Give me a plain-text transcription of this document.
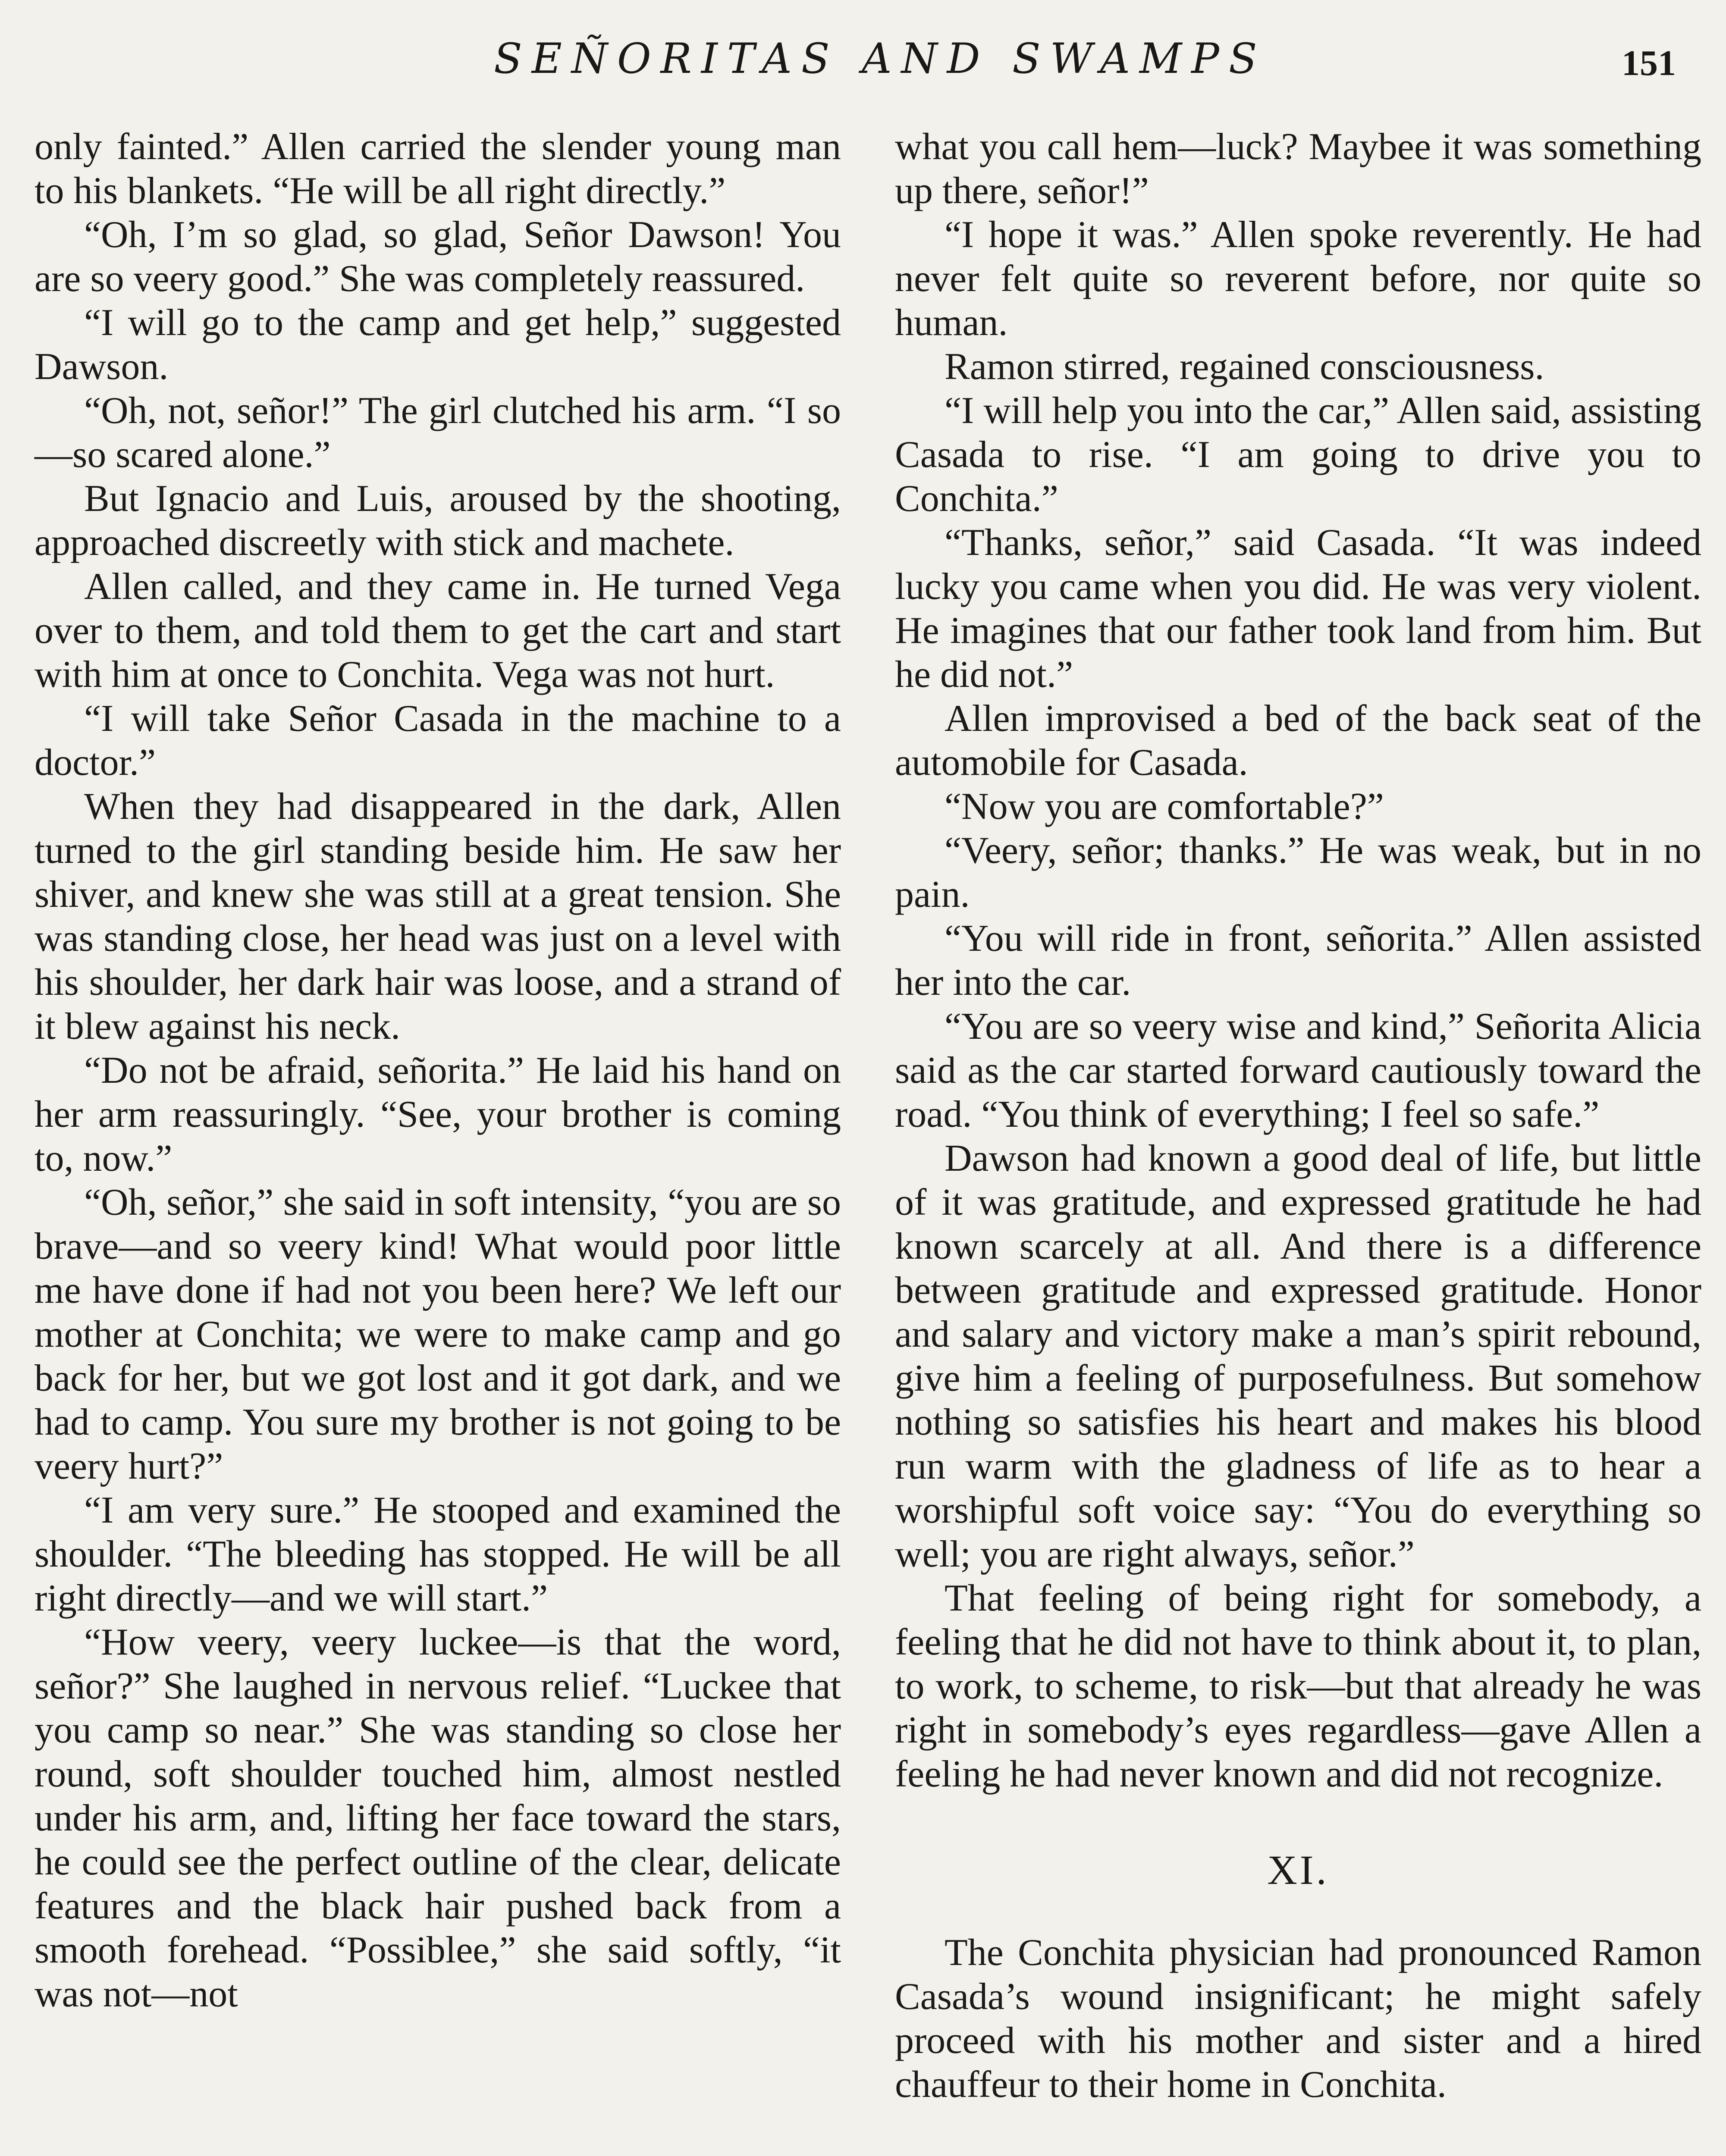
SEÑORITAS AND SWAMPS	151

only fainted.” Allen carried the slender young man to his blankets. “He will be all right directly.”

“Oh, I’m so glad, so glad, Señor Dawson! You are so veery good.” She was completely reassured.

“I will go to the camp and get help,” suggested Dawson.

“Oh, not, señor!” The girl clutched his arm. “I so—so scared alone.”

But Ignacio and Luis, aroused by the shooting, approached discreetly with stick and machete.

Allen called, and they came in. He turned Vega over to them, and told them to get the cart and start with him at once to Conchita. Vega was not hurt.

“I will take Señor Casada in the machine to a doctor.”

When they had disappeared in the dark, Allen turned to the girl standing beside him. He saw her shiver, and knew she was still at a great tension. She was standing close, her head was just on a level with his shoulder, her dark hair was loose, and a strand of it blew against his neck.

“Do not be afraid, señorita.” He laid his hand on her arm reassuringly. “See, your brother is coming to, now.”

“Oh, señor,” she said in soft intensity, “you are so brave—and so veery kind! What would poor little me have done if had not you been here? We left our mother at Conchita; we were to make camp and go back for her, but we got lost and it got dark, and we had to camp. You sure my brother is not going to be veery hurt?”

“I am very sure.” He stooped and examined the shoulder. “The bleeding has stopped. He will be all right directly—and we will start.”

“How veery, veery luckee—is that the word, señor?” She laughed in nervous relief. “Luckee that you camp so near.” She was standing so close her round, soft shoulder touched him, almost nestled under his arm, and, lifting her face toward the stars, he could see the perfect outline of the clear, delicate features and the black hair pushed back from a smooth forehead. “Possiblee,” she said softly, “it was not—not

what you call hem—luck? Maybee it was something up there, señor!”

“I hope it was.” Allen spoke reverently. He had never felt quite so reverent before, nor quite so human.

Ramon stirred, regained consciousness.

“I will help you into the car,” Allen said, assisting Casada to rise. “I am going to drive you to Conchita.”

“Thanks, señor,” said Casada. “It was indeed lucky you came when you did. He was very violent. He imagines that our father took land from him. But he did not.”

Allen improvised a bed of the back seat of the automobile for Casada.

“Now you are comfortable?”

“Veery, señor; thanks.” He was weak, but in no pain.

“You will ride in front, señorita.” Allen assisted her into the car.

“You are so veery wise and kind,” Señorita Alicia said as the car started forward cautiously toward the road. “You think of everything; I feel so safe.”

Dawson had known a good deal of life, but little of it was gratitude, and expressed gratitude he had known scarcely at all. And there is a difference between gratitude and expressed gratitude. Honor and salary and victory make a man’s spirit rebound, give him a feeling of purposefulness. But somehow nothing so satisfies his heart and makes his blood run warm with the gladness of life as to hear a worshipful soft voice say: “You do everything so well; you are right always, señor.”

That feeling of being right for somebody, a feeling that he did not have to think about it, to plan, to work, to scheme, to risk—but that already he was right in somebody’s eyes regardless—gave Allen a feeling he had never known and did not recognize.

XI.

The Conchita physician had pronounced Ramon Casada’s wound insignificant; he might safely proceed with his mother and sister and a hired chauffeur to their home in Conchita.
